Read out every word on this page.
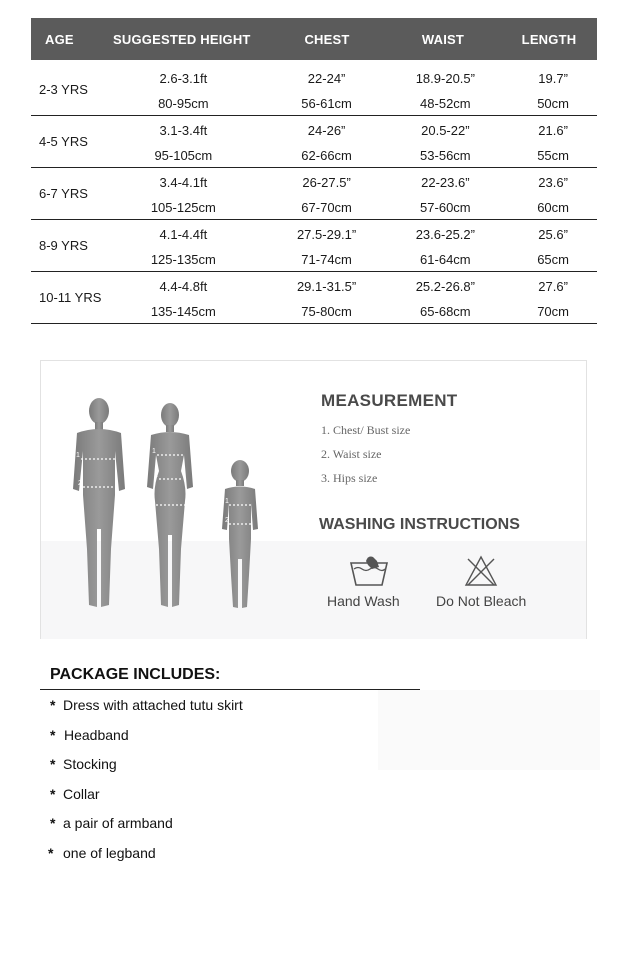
AGE	SUGGESTED HEIGHT	CHEST	WAIST	LENGTH
2-3 YRS
2.6-3.1ft	22-24”	18.9-20.5”	19.7”
80-95cm	56-61cm	48-52cm	50cm
4-5 YRS
3.1-3.4ft	24-26”	20.5-22”	21.6”
95-105cm	62-66cm	53-56cm	55cm
6-7 YRS
3.4-4.1ft	26-27.5”	22-23.6”	23.6”
105-125cm	67-70cm	57-60cm	60cm
8-9 YRS
4.1-4.4ft	27.5-29.1”	23.6-25.2”	25.6”
125-135cm	71-74cm	61-64cm	65cm
10-11 YRS
4.4-4.8ft	29.1-31.5”	25.2-26.8”	27.6”
135-145cm	75-80cm	65-68cm	70cm
1
2
1
2
3	1
2
MEASUREMENT
1. Chest/ Bust size
2. Waist size
3. Hips size
WASHING INSTRUCTIONS
Hand Wash	Do Not Bleach
PACKAGE INCLUDES:
* Dress with attached tutu skirt
* Headband
* Stocking
* Collar
* a pair of armband
* one of legband
